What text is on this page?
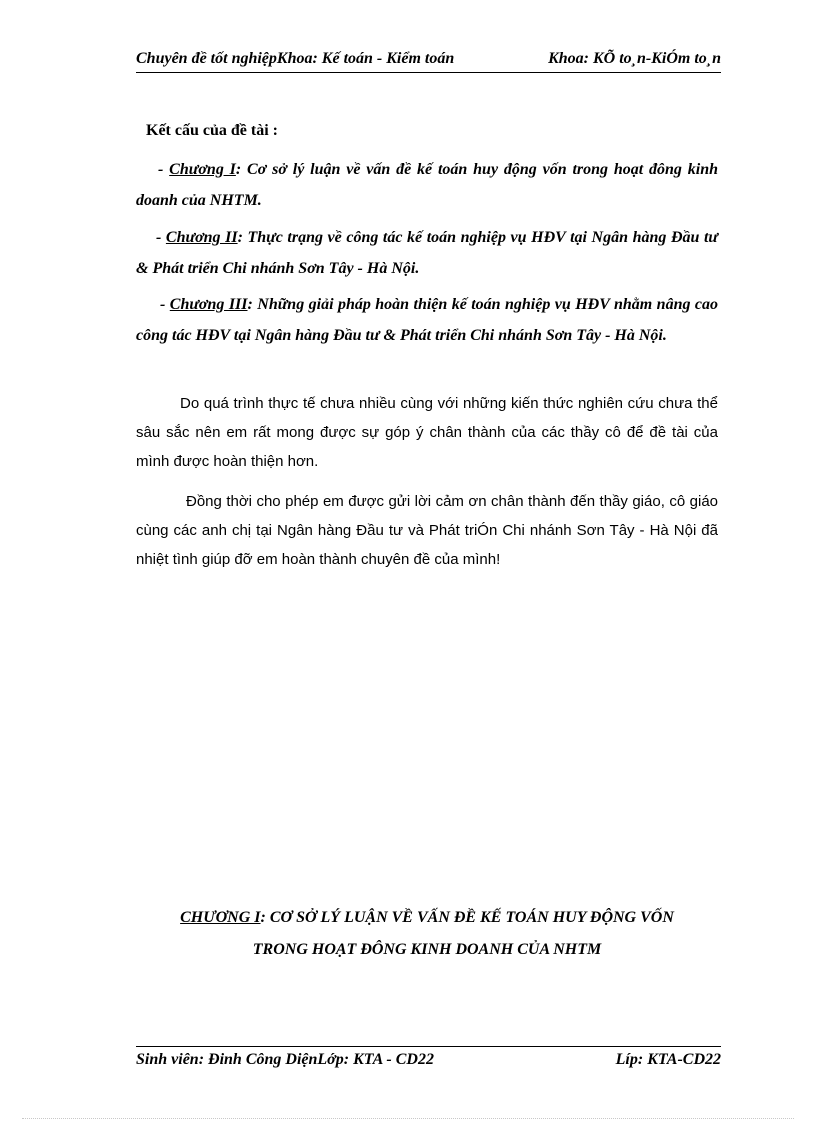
Chuyên đề tốt nghiệpKhoa: Kế toán - Kiểm toán	Khoa: KÕ to¸n-KiÓm to¸n
Kết cấu của đề tài :
- Chương I: Cơ sở lý luận về vấn đề kế toán huy động vốn trong hoạt đông kinh doanh của NHTM.
- Chương II: Thực trạng về công tác kế toán nghiệp vụ HĐV tại Ngân hàng Đầu tư & Phát triển Chi nhánh Sơn Tây - Hà Nội.
- Chương III: Những giải pháp hoàn thiện kế toán nghiệp vụ HĐV nhằm nâng cao công tác HĐV tại Ngân hàng Đầu tư & Phát triển Chi nhánh Sơn Tây - Hà Nội.
Do quá trình thực tế chưa nhiều cùng với những kiến thức nghiên cứu chưa thể sâu sắc nên em rất mong được sự góp ý chân thành của các thầy cô để đề tài của mình được hoàn thiện hơn.
Đồng thời cho phép em được gửi lời cảm ơn chân thành đến thầy giáo, cô giáo cùng các anh chị tại Ngân hàng Đầu tư và Phát triÓn Chi nhánh Sơn Tây - Hà Nội đã nhiệt tình giúp đỡ em hoàn thành chuyên đề của mình!
CHƯƠNG I: CƠ SỞ LÝ LUẬN VỀ VẤN ĐỀ KẾ TOÁN HUY ĐỘNG VỐN
TRONG HOẠT ĐÔNG KINH DOANH CỦA NHTM
Sinh viên: Đinh Công DiệnLớp: KTA - CD22	Líp: KTA-CD22
